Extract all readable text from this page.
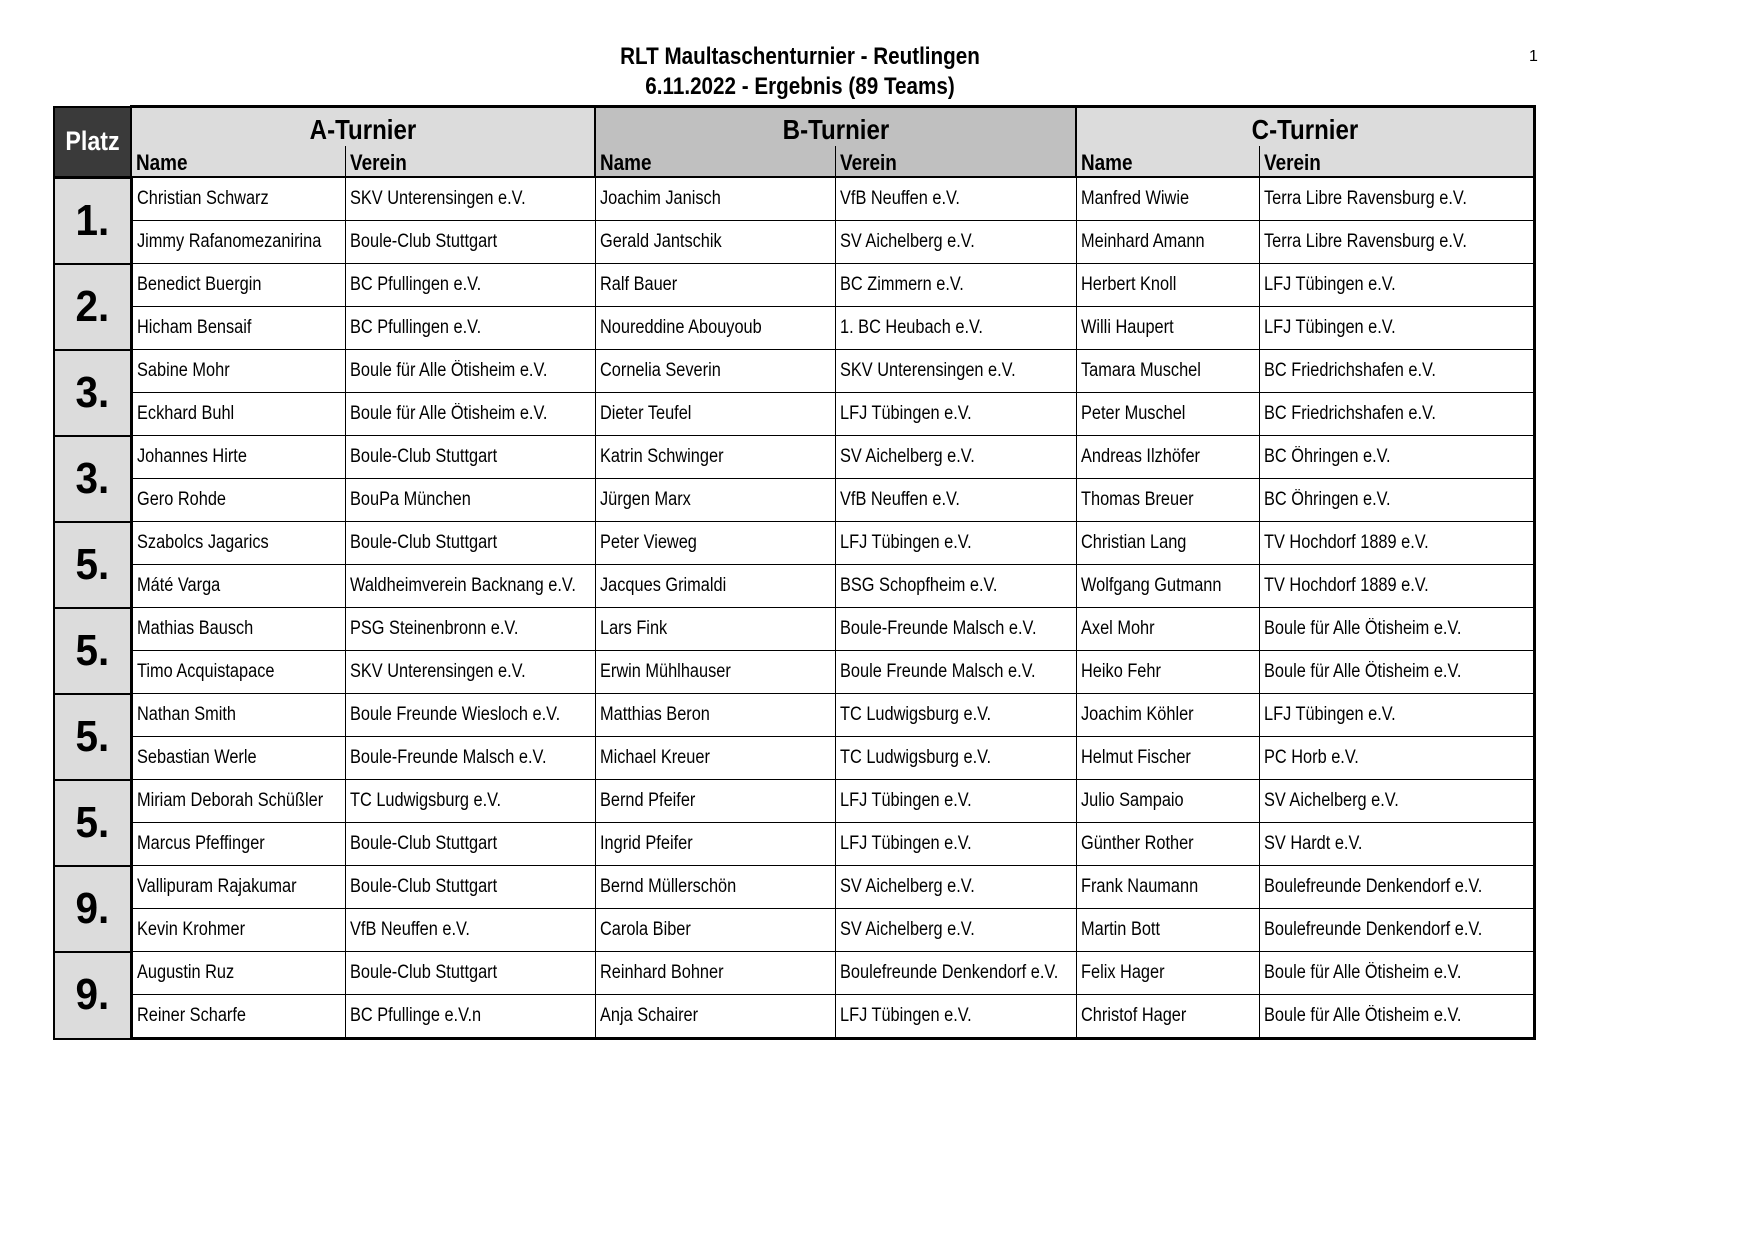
RLT Maultaschenturnier - Reutlingen
6.11.2022 - Ergebnis (89 Teams)
1
Platz	A-Turnier		B-Turnier		C-Turnier	
	Name	Verein	Name	Verein	Name	Verein
1.	Christian Schwarz	SKV Unterensingen e.V.	Joachim Janisch	VfB Neuffen e.V.	Manfred Wiwie	Terra Libre Ravensburg e.V.
	Jimmy Rafanomezanirina	Boule-Club Stuttgart	Gerald Jantschik	SV Aichelberg e.V.	Meinhard Amann	Terra Libre Ravensburg e.V.
2.	Benedict Buergin	BC Pfullingen e.V.	Ralf Bauer	BC Zimmern e.V.	Herbert Knoll	LFJ Tübingen e.V.
	Hicham Bensaif	BC Pfullingen e.V.	Noureddine Abouyoub	1. BC Heubach e.V.	Willi Haupert	LFJ Tübingen e.V.
3.	Sabine Mohr	Boule für Alle Ötisheim e.V.	Cornelia Severin	SKV Unterensingen e.V.	Tamara Muschel	BC Friedrichshafen e.V.
	Eckhard Buhl	Boule für Alle Ötisheim e.V.	Dieter Teufel	LFJ Tübingen e.V.	Peter Muschel	BC Friedrichshafen e.V.
3.	Johannes Hirte	Boule-Club Stuttgart	Katrin Schwinger	SV Aichelberg e.V.	Andreas Ilzhöfer	BC Öhringen e.V.
	Gero Rohde	BouPa München	Jürgen Marx	VfB Neuffen e.V.	Thomas Breuer	BC Öhringen e.V.
5.	Szabolcs Jagarics	Boule-Club Stuttgart	Peter Vieweg	LFJ Tübingen e.V.	Christian Lang	TV Hochdorf 1889 e.V.
	Máté Varga	Waldheimverein Backnang e.V.	Jacques Grimaldi	BSG Schopfheim e.V.	Wolfgang Gutmann	TV Hochdorf 1889 e.V.
5.	Mathias Bausch	PSG Steinenbronn e.V.	Lars Fink	Boule-Freunde Malsch e.V.	Axel Mohr	Boule für Alle Ötisheim e.V.
	Timo Acquistapace	SKV Unterensingen e.V.	Erwin Mühlhauser	Boule Freunde Malsch e.V.	Heiko Fehr	Boule für Alle Ötisheim e.V.
5.	Nathan Smith	Boule Freunde Wiesloch e.V.	Matthias Beron	TC Ludwigsburg e.V.	Joachim Köhler	LFJ Tübingen e.V.
	Sebastian Werle	Boule-Freunde Malsch e.V.	Michael Kreuer	TC Ludwigsburg e.V.	Helmut Fischer	PC Horb e.V.
5.	Miriam Deborah Schüßler	TC Ludwigsburg e.V.	Bernd Pfeifer	LFJ Tübingen e.V.	Julio Sampaio	SV Aichelberg e.V.
	Marcus Pfeffinger	Boule-Club Stuttgart	Ingrid Pfeifer	LFJ Tübingen e.V.	Günther Rother	SV Hardt e.V.
9.	Vallipuram Rajakumar	Boule-Club Stuttgart	Bernd Müllerschön	SV Aichelberg e.V.	Frank Naumann	Boulefreunde Denkendorf e.V.
	Kevin Krohmer	VfB Neuffen e.V.	Carola Biber	SV Aichelberg e.V.	Martin Bott	Boulefreunde Denkendorf e.V.
9.	Augustin Ruz	Boule-Club Stuttgart	Reinhard Bohner	Boulefreunde Denkendorf e.V.	Felix Hager	Boule für Alle Ötisheim e.V.
	Reiner Scharfe	BC Pfullinge e.V.n	Anja Schairer	LFJ Tübingen e.V.	Christof Hager	Boule für Alle Ötisheim e.V.
